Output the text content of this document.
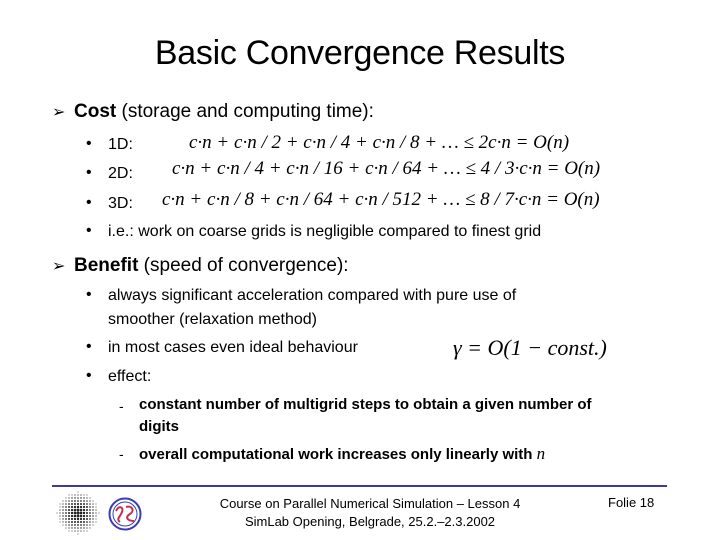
Basic Convergence Results
➢ Cost (storage and computing time):
• 1D:	c·n + c·n / 2 + c·n / 4 + c·n / 8 + … ≤ 2c·n = O(n)
• 2D: c·n + c·n / 4 + c·n / 16 + c·n / 64 + … ≤ 4 / 3·c·n = O(n)
• 3D: c·n + c·n / 8 + c·n / 64 + c·n / 512 + … ≤ 8 / 7·c·n = O(n)
• i.e.: work on coarse grids is negligible compared to finest grid
➢ Benefit (speed of convergence):
• always significant acceleration compared with pure use of
smoother (relaxation method)
• in most cases even ideal behaviour	γ = O(1 − const.)
• effect:
- constant number of multigrid steps to obtain a given number of
digits
- overall computational work increases only linearly with n
Course on Parallel Numerical Simulation – Lesson 4
SimLab Opening, Belgrade, 25.2.–2.3.2002
Folie 18
